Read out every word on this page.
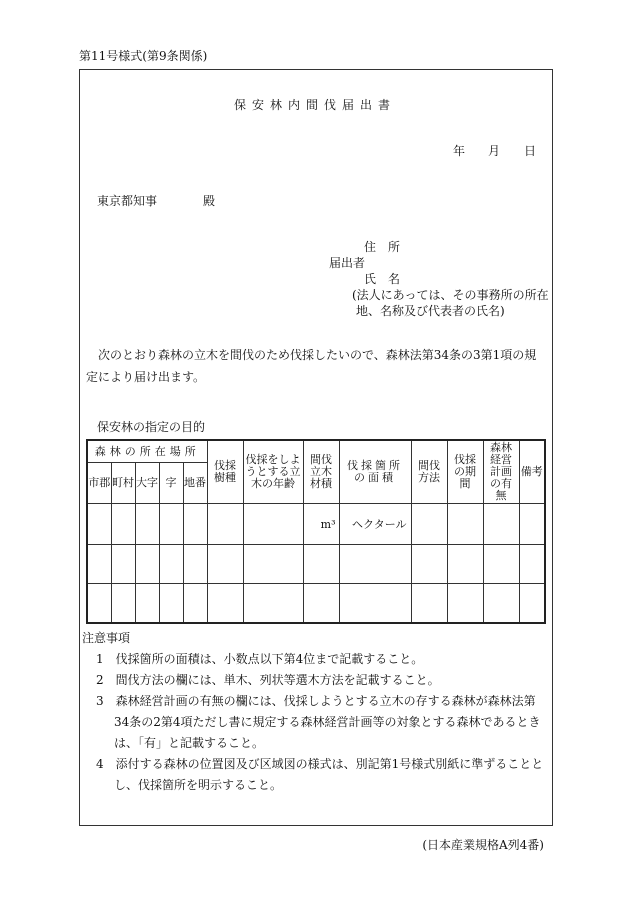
第11号様式(第9条関係)
保安林内間伐届出書
年 月 日
東京都知事	殿
住　所
届出者
氏　名
(法人にあっては、その事務所の所在
地、名称及び代表者の氏名)
次のとおり森林の立木を間伐のため伐採したいので、森林法第34条の3第1項の規定により届け出ます。
保安林の指定の目的
森林の所在場所					伐採樹種	伐採をしようとする立木の年齢	間伐立木材積	伐採箇所の面積	間伐方法	伐採の期間	森林経営計画の有無	備考
市郡	町村	大字	字	地番								
							m³	ヘクタール				

注意事項
1　 伐採箇所の面積は、小数点以下第4位まで記載すること。
2　 間伐方法の欄には、単木、列状等選木方法を記載すること。
3　 森林経営計画の有無の欄には、伐採しようとする立木の存する森林が森林法第34条の2第4項ただし書に規定する森林経営計画等の対象とする森林であるときは、「有」と記載すること。
4　 添付する森林の位置図及び区域図の様式は、別記第1号様式別紙に準ずることとし、伐採箇所を明示すること。
(日本産業規格A列4番)
